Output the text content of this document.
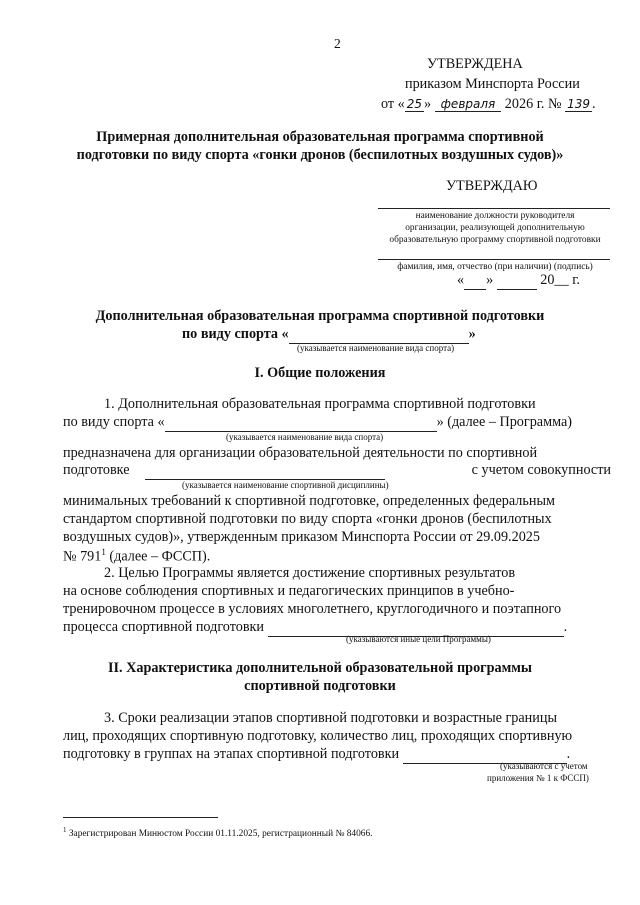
2
УТВЕРЖДЕНА
приказом Минспорта России
от « 25 » февраля 2026 г. № 139 .
Примерная дополнительная образовательная программа спортивной
подготовки по виду спорта «гонки дронов (беспилотных воздушных судов)»
УТВЕРЖДАЮ
наименование должности руководителя
организации, реализующей дополнительную
образовательную программу спортивной подготовки
фамилия, имя, отчество (при наличии) (подпись)
« »	20__ г.
Дополнительная образовательная программа спортивной подготовки
по виду спорта «	»
(указывается наименование вида спорта)
I. Общие положения
1. Дополнительная образовательная программа спортивной подготовки
по виду спорта «	» (далее – Программа)
(указывается наименование вида спорта)
предназначена для организации образовательной деятельности по спортивной
подготовке	с учетом совокупности
(указывается наименование спортивной дисциплины)
минимальных требований к спортивной подготовке, определенных федеральным
стандартом спортивной подготовки по виду спорта «гонки дронов (беспилотных
воздушных судов)», утвержденным приказом Минспорта России от 29.09.2025
№ $791^1$ (далее – ФССП).
2. Целью Программы является достижение спортивных результатов
на основе соблюдения спортивных и педагогических принципов в учебно-
тренировочном процессе в условиях многолетнего, круглогодичного и поэтапного
процесса спортивной подготовки	.
(указываются иные цели Программы)
II. Характеристика дополнительной образовательной программы
спортивной подготовки
3. Сроки реализации этапов спортивной подготовки и возрастные границы
лиц, проходящих спортивную подготовку, количество лиц, проходящих спортивную
подготовку в группах на этапах спортивной подготовки	.
(указываются с учетом
приложения № 1 к ФССП)
$^1$ Зарегистрирован Минюстом России 01.11.2025, регистрационный № 84066.
